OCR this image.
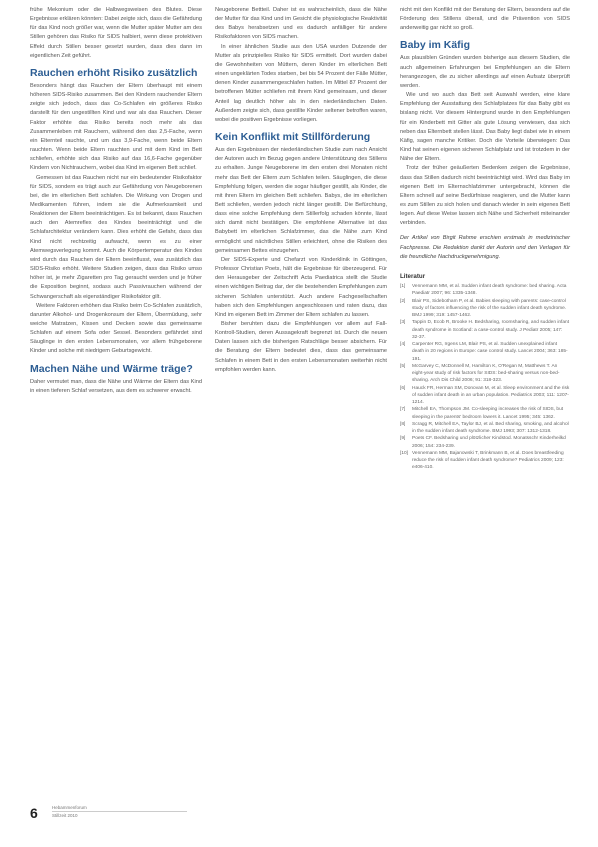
frühe Mekonium oder die Halbwegsweisen des Blutes. Diese Ergebnisse erklären könnten: Dabei zeigte sich, dass die Gefährdung für das Kind noch größer war, wenn die Mutter später Mutter am des Stillen gehören das Risiko für SIDS halbiert, wenn diese protektiven Effekt durch Stillen besser gesetzt wurden, dass dies dann im eigentlichen Zeit geführt.

Rauchen erhöht Risiko zusätzlich

Besonders hängt das Rauchen der Eltern überhaupt mit einem höheren SIDS-Risiko zusammen. Bei den Kindern rauchender Eltern zeigte sich jedoch, dass das Co-Schlafen ein größeres Risiko darstellt für den ungestillten Kind und war als das Rauchen. Dieser Faktor erhöhte das Risiko bereits noch mehr als das Zusammenleben mit Rauchern, während den das 2,5-Fache, wenn ein Elternteil rauchte, und um das 3,9-Fache, wenn beide Eltern rauchten. Wenn beide Eltern rauchten und mit dem Kind im Bett schliefen, erhöhte sich das Risiko auf das 16,6-Fache gegenüber Kindern von Nichtrauchern, wobei das Kind im eigenen Bett schlief.

Gemessen ist das Rauchen nicht nur ein bedeutender Risikofaktor für SIDS, sondern es trägt auch zur Gefährdung von Neugeborenen bei, die im elterlichen Bett schlafen. Die Wirkung von Drogen und Medikamenten führen, indem sie die Aufmerksamkeit und Reaktionen der Eltern beeinträchtigen. Es ist bekannt, dass Rauchen auch den Atemreflex des Kindes beeinträchtigt und die Schlafarchitektur verändern kann. Dies erhöht die Gefahr, dass das Kind nicht rechtzeitig aufwacht, wenn es zu einer Atemwegsverlegung kommt. Auch die Körpertemperatur des Kindes wird durch das Rauchen der Eltern beeinflusst, was zusätzlich das SIDS-Risiko erhöht. Weitere Studien zeigen, dass das Risiko umso höher ist, je mehr Zigaretten pro Tag geraucht werden und je früher die Exposition beginnt, sodass auch Passivrauchen während der Schwangerschaft als eigenständiger Risikofaktor gilt.

Weitere Faktoren erhöhen das Risiko beim Co-Schlafen zusätzlich, darunter Alkohol- und Drogenkonsum der Eltern, Übermüdung, sehr weiche Matratzen, Kissen und Decken sowie das gemeinsame Schlafen auf einem Sofa oder Sessel. Besonders gefährdet sind Säuglinge in den ersten Lebensmonaten, vor allem frühgeborene Kinder und solche mit niedrigem Geburtsgewicht.

Machen Nähe und Wärme träge?

Daher vermutet man, dass die Nähe und Wärme der Eltern das Kind in einen tieferen Schlaf versetzen, aus dem es schwerer erwacht.

Neugeborene Bettteil. Daher ist es wahrscheinlich, dass die Nähe der Mutter für das Kind und im Gesicht die physiologische Reaktivität des Babys herabsetzen und es dadurch anfälliger für andere Risikofaktoren von SIDS machen.

In einer ähnlichen Studie aus den USA wurden Dutzende der Mutter als prinzipielles Risiko für SIDS ermittelt. Dort wurden dabei die Gewohnheiten von Müttern, deren Kinder im elterlichen Bett einen ungeklärten Todes starben, bei bis 54 Prozent der Fälle Mütter, denen Kinder zusammengeschlafen hatten. Im Mittel 87 Prozent der betroffenen Mütter schliefen mit ihrem Kind gemeinsam, und dieser Anteil lag deutlich höher als in den niederländischen Daten. Außerdem zeigte sich, dass gestillte Kinder seltener betroffen waren, wobei die positiven Ergebnisse vorliegen.

Kein Konflikt mit Stillförderung

Aus den Ergebnissen der niederländischen Studie zum nach Ansicht der Autoren auch im Bezug gegen andere Unterstützung des Stillens zu erhalten. Junge Neugeborene im den ersten drei Monaten nicht mehr das Bett der Eltern zum Schlafen teilen. Säuglingen, die diese Empfehlung folgen, werden die sogar häufiger gestillt, als Kinder, die mit ihren Eltern im gleichen Bett schliefen. Babys, die im elterlichen Bett schliefen, werden jedoch nicht länger gestillt. Die Befürchtung, dass eine solche Empfehlung dem Stillerfolg schaden könnte, lässt sich damit nicht bestätigen. Die empfohlene Alternative ist das Babybett im elterlichen Schlafzimmer, das die Nähe zum Kind ermöglicht und nächtliches Stillen erleichtert, ohne die Risiken des gemeinsamen Bettes einzugehen.

Der SIDS-Experte und Chefarzt von Kinderklinik in Göttingen, Professor Christian Poets, hält die Ergebnisse für überzeugend. Für den Herausgeber der Zeitschrift Acta Paediatrica stellt die Studie einen wichtigen Beitrag dar, der die bestehenden Empfehlungen zum sicheren Schlafen unterstützt. Auch andere Fachgesellschaften haben sich den Empfehlungen angeschlossen und raten dazu, das Kind im eigenen Bett im Zimmer der Eltern schlafen zu lassen.

Bisher beruhten dazu die Empfehlungen vor allem auf Fall-Kontroll-Studien, deren Aussagekraft begrenzt ist. Durch die neuen Daten lassen sich die bisherigen Ratschläge besser absichern. Für die Beratung der Eltern bedeutet dies, dass das gemeinsame Schlafen in einem Bett in den ersten Lebensmonaten weiterhin nicht empfohlen werden kann.

nicht mit den Konflikt mit der Beratung der Eltern, besonders auf die Förderung des Stillens überall, und die Prävention von SIDS anderweitig gar nicht so groß.

Baby im Käfig

Aus plausiblen Gründen wurden bisherige aus diesem Studien, die auch allgemeinen Erfahrungen bei Empfehlungen an die Eltern herangezogen, die zu sicher allerdings auf einen Aufsatz überprüft werden.

Wie und wo auch das Bett seit Auswahl werden, eine klare Empfehlung der Ausstattung des Schlafplatzes für das Baby gibt es bislang nicht. Vor diesem Hintergrund wurde in den Empfehlungen für ein Kinderbett mit Gitter als gute Lösung verwiesen, das sich neben das Elternbett stellen lässt. Das Baby liegt dabei wie in einem Käfig, sagen manche Kritiker. Doch die Vorteile überwiegen: Das Kind hat seinen eigenen sicheren Schlafplatz und ist trotzdem in der Nähe der Eltern.

Trotz der früher geäußerten Bedenken zeigen die Ergebnisse, dass das Stillen dadurch nicht beeinträchtigt wird. Wird das Baby im eigenen Bett im Elternschlafzimmer untergebracht, können die Eltern schnell auf seine Bedürfnisse reagieren, und die Mutter kann es zum Stillen zu sich holen und danach wieder in sein eigenes Bett legen. Auf diese Weise lassen sich Nähe und Sicherheit miteinander verbinden.

Der Artikel von Birgit Rahme erschien erstmals in medizinischer Fachpresse. Die Redaktion dankt der Autorin und den Verlagen für die freundliche Nachdruckgenehmigung.

Literatur
[1] Vennemann MM, et al. Sudden infant death syndrome: bed sharing. Acta Paediatr 2007; 96: 1335-1348.
[2] Blair PS, Sidebotham P, et al. Babies sleeping with parents: case-control study of factors influencing the risk of the sudden infant death syndrome. BMJ 1999; 319: 1457-1462.
[3] Tappin D, Ecob R, Brooke H. Bedsharing, roomsharing, and sudden infant death syndrome in Scotland: a case-control study. J Pediatr 2005; 147: 32-37.
[4] Carpenter RG, Irgens LM, Blair PS, et al. Sudden unexplained infant death in 20 regions in Europe: case control study. Lancet 2004; 363: 185-191.
[5] McGarvey C, McDonnell M, Hamilton K, O'Regan M, Matthews T. An eight-year study of risk factors for SIDS: bed-sharing versus non-bed-sharing. Arch Dis Child 2006; 91: 318-323.
[6] Hauck FR, Herman SM, Donovan M, et al. Sleep environment and the risk of sudden infant death in an urban population. Pediatrics 2003; 111: 1207-1214.
[7] Mitchell EA, Thompson JM. Co-sleeping increases the risk of SIDS, but sleeping in the parents' bedroom lowers it. Lancet 1995; 345: 1362.
[8] Scragg R, Mitchell EA, Taylor BJ, et al. Bed sharing, smoking, and alcohol in the sudden infant death syndrome. BMJ 1993; 307: 1312-1318.
[9] Poets CF. Bedsharing und plötzlicher Kindstod. Monatsschr Kinderheilkd 2006; 154: 234-239.
[10] Vennemann MM, Bajanowski T, Brinkmann B, et al. Does breastfeeding reduce the risk of sudden infant death syndrome? Pediatrics 2009; 123: e406-410.
6	Hebammenforum
Stillzeit 2010
